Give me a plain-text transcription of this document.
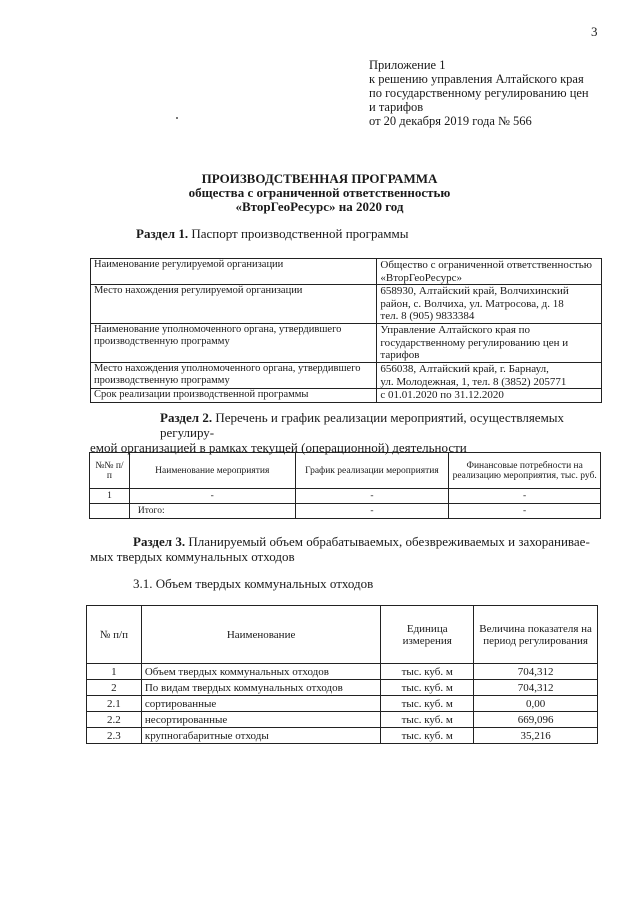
3
Приложение 1
к решению управления Алтайского края
по государственному регулированию цен
и тарифов
от 20 декабря 2019 года № 566
ПРОИЗВОДСТВЕННАЯ ПРОГРАММА
общества с ограниченной ответственностью
«ВторГеоРесурс» на 2020 год
Раздел 1. Паспорт производственной программы
Наименование регулируемой организации	Общество с ограниченной ответственностью
«ВторГеоРесурс»

Место нахождения регулируемой организации	658930, Алтайский край, Волчихинский
район, с. Волчиха, ул. Матросова, д. 18
тел. 8 (905) 9833384

Наименование уполномоченного органа, утвердившего производственную программу	Управление Алтайского края по
государственному регулированию цен и
тарифов

Место нахождения уполномоченного органа, утвердившего производственную программу	656038, Алтайский край, г. Барнаул,
ул. Молодежная, 1, тел. 8 (3852) 205771

Срок реализации производственной программы	с 01.01.2020 по 31.12.2020
Раздел 2. Перечень и график реализации мероприятий, осуществляемых регулиру-
емой организацией в рамках текущей (операционной) деятельности
№№ п/п	Наименование мероприятия	График реализации мероприятия	Финансовые потребности на реализацию мероприятия, тыс. руб.
1	-	-	-
	Итого:	-	-
Раздел 3. Планируемый объем обрабатываемых, обезвреживаемых и захоранивае-
мых твердых коммунальных отходов
3.1. Объем твердых коммунальных отходов
№ п/п	Наименование	Единица измерения	Величина показателя на период регулирования
1	Объем твердых коммунальных отходов	тыс. куб. м	704,312
2	По видам твердых коммунальных отходов	тыс. куб. м	704,312
2.1	сортированные	тыс. куб. м	0,00
2.2	несортированные	тыс. куб. м	669,096
2.3	крупногабаритные отходы	тыс. куб. м	35,216
